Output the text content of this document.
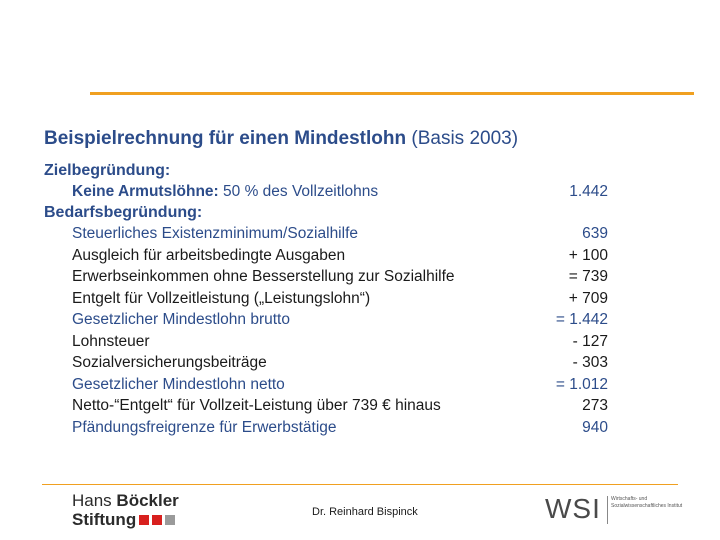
Beispielrechnung für einen Mindestlohn (Basis 2003)
Zielbegründung:
Keine Armutslöhne: 50 % des Vollzeitlohns	1.442
Bedarfsbegründung:
Steuerliches Existenzminimum/Sozialhilfe	639
Ausgleich für arbeitsbedingte Ausgaben	+ 100
Erwerbseinkommen ohne Besserstellung zur Sozialhilfe	= 739
Entgelt für Vollzeitleistung („Leistungslohn“)	+ 709
Gesetzlicher Mindestlohn brutto	= 1.442
Lohnsteuer	- 127
Sozialversicherungsbeiträge	- 303
Gesetzlicher Mindestlohn netto	= 1.012
Netto-“Entgelt“ für Vollzeit-Leistung über 739 € hinaus	273
Pfändungsfreigrenze für Erwerbstätige	940
Hans Böckler
Stiftung	Dr. Reinhard Bispinck	WSI Wirtschafts- und Sozialwissenschaftliches Institut
